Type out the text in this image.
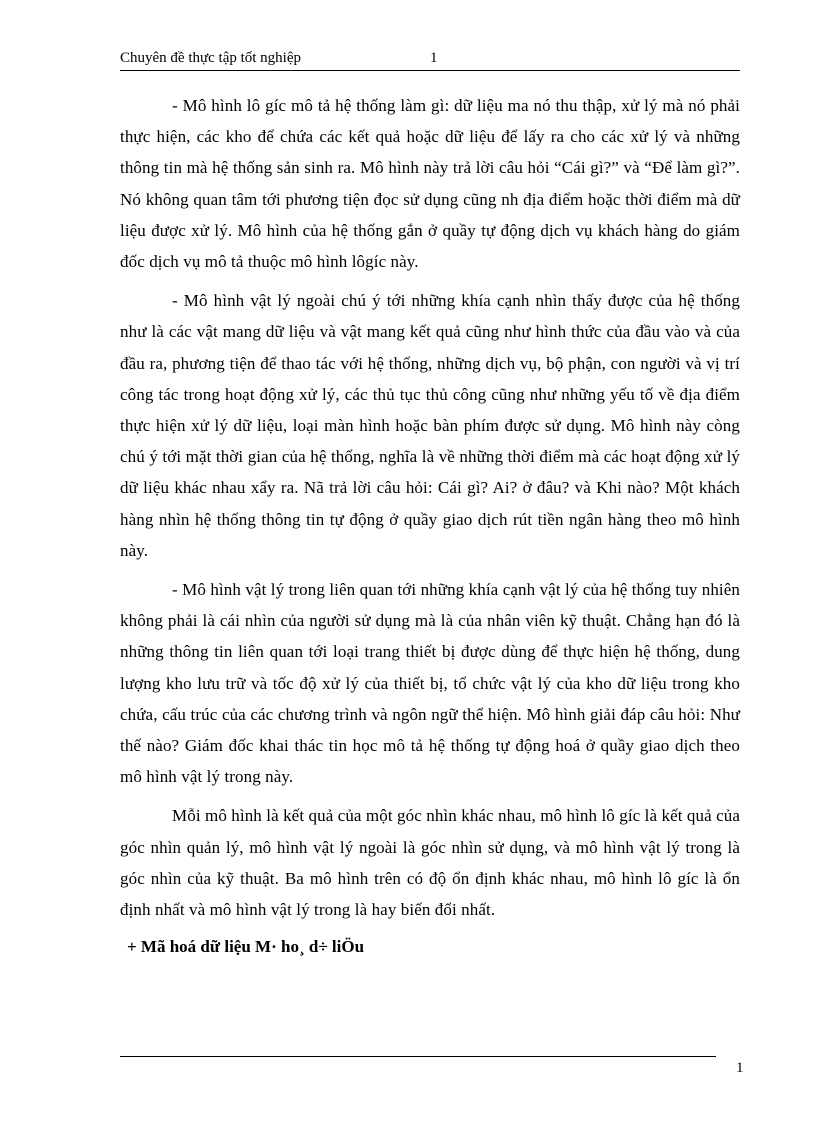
Chuyên đề thực tập tốt nghiệp	1

- Mô hình lô gíc mô tả hệ thống làm gì: dữ liệu ma nó thu thập, xử lý mà nó phải thực hiện, các kho để chứa các kết quả hoặc dữ liệu để lấy ra cho các xử lý và những thông tin mà hệ thống sản sinh ra. Mô hình này trả lời câu hỏi “Cái gì?” và “Để làm gì?”. Nó không quan tâm tới phương tiện đọc sử dụng cũng nh địa điểm hoặc thời điểm mà dữ liệu được xử lý. Mô hình của hệ thống gắn ở quầy tự động dịch vụ khách hàng do giám đốc dịch vụ mô tả thuộc mô hình lôgíc này.

- Mô hình vật lý ngoài chú ý tới những khía cạnh nhìn thấy được của hệ thống như là các vật mang dữ liệu và vật mang kết quả cũng như hình thức của đầu vào và của đầu ra, phương tiện để thao tác với hệ thống, những dịch vụ, bộ phận, con người và vị trí công tác trong hoạt động xử lý, các thủ tục thủ công cũng như những yếu tố về địa điểm thực hiện xử lý dữ liệu, loại màn hình hoặc bàn phím được sử dụng. Mô hình này còng chú ý tới mặt thời gian của hệ thống, nghĩa là về những thời điểm mà các hoạt động xử lý dữ liệu khác nhau xẩy ra. Nã trả lời câu hỏi: Cái gì? Ai? ở đâu? và Khi nào? Một khách hàng nhìn hệ thống thông tin tự động ở quầy giao dịch rút tiền ngân hàng theo mô hình này.

- Mô hình vật lý trong liên quan tới những khía cạnh vật lý của hệ thống tuy nhiên không phải là cái nhìn của người sử dụng mà là của nhân viên kỹ thuật. Chẳng hạn đó là những thông tin liên quan tới loại trang thiết bị được dùng để thực hiện hệ thống, dung lượng kho lưu trữ và tốc độ xử lý của thiết bị, tổ chức vật lý của kho dữ liệu trong kho chứa, cấu trúc của các chương trình và ngôn ngữ thể hiện. Mô hình giải đáp câu hỏi: Như thế nào? Giám đốc khai thác tin học mô tả hệ thống tự động hoá ở quầy giao dịch theo mô hình vật lý trong này.

Mỗi mô hình là kết quả của một góc nhìn khác nhau, mô hình lô gíc là kết quả của góc nhìn quản lý, mô hình vật lý ngoài là góc nhìn sử dụng, và mô hình vật lý trong là góc nhìn của kỹ thuật. Ba mô hình trên có độ ổn định khác nhau, mô hình lô gíc là ổn định nhất và mô hình vật lý trong là hay biến đổi nhất.

+ Mã hoá dữ liệu M· ho¸ d÷ liÖu
1
